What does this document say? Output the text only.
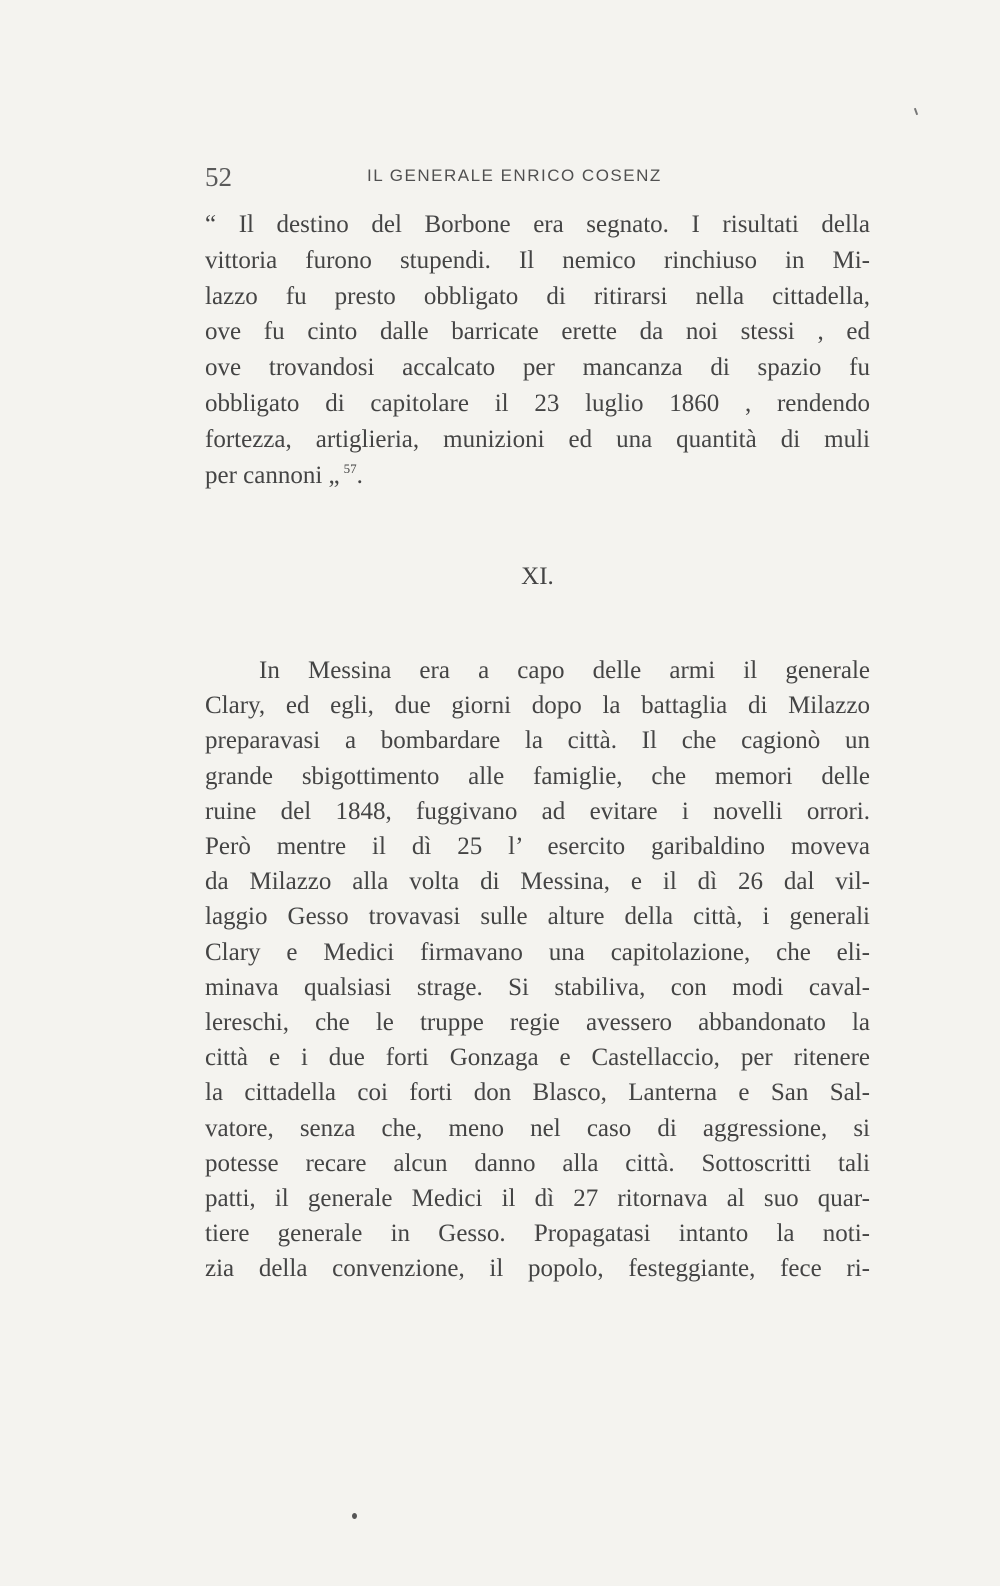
52	IL GENERALE ENRICO COSENZ
“ Il destino del Borbone era segnato. I risultati della
vittoria furono stupendi. Il nemico rinchiuso in Mi-
lazzo fu presto obbligato di ritirarsi nella cittadella,
ove fu cinto dalle barricate erette da noi stessi , ed
ove trovandosi accalcato per mancanza di spazio fu
obbligato di capitolare il 23 luglio 1860 , rendendo
fortezza, artiglieria, munizioni ed una quantità di muli
per cannoni „ $^{57}$.
XI.
In Messina era a capo delle armi il generale
Clary, ed egli, due giorni dopo la battaglia di Milazzo
preparavasi a bombardare la città. Il che cagionò un
grande sbigottimento alle famiglie, che memori delle
ruine del 1848, fuggivano ad evitare i novelli orrori.
Però mentre il dì 25 l’ esercito garibaldino moveva
da Milazzo alla volta di Messina, e il dì 26 dal vil-
laggio Gesso trovavasi sulle alture della città, i generali
Clary e Medici firmavano una capitolazione, che eli-
minava qualsiasi strage. Si stabiliva, con modi caval-
lereschi, che le truppe regie avessero abbandonato la
città e i due forti Gonzaga e Castellaccio, per ritenere
la cittadella coi forti don Blasco, Lanterna e San Sal-
vatore, senza che, meno nel caso di aggressione, si
potesse recare alcun danno alla città. Sottoscritti tali
patti, il generale Medici il dì 27 ritornava al suo quar-
tiere generale in Gesso. Propagatasi intanto la noti-
zia della convenzione, il popolo, festeggiante, fece ri-
